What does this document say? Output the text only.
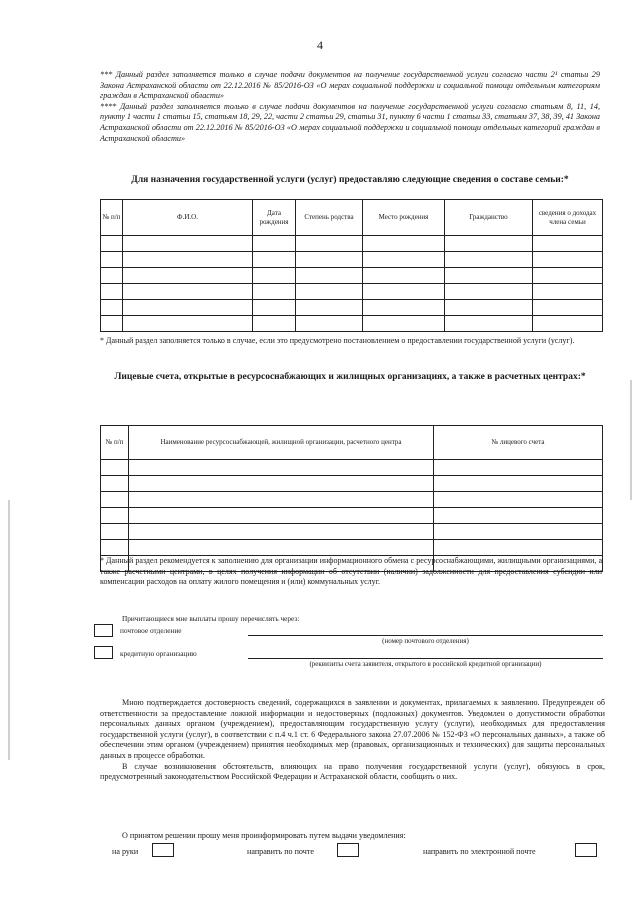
4

*** Данный раздел заполняется только в случае подачи документов на получение государственной услуги согласно части 2¹ статьи 29 Закона Астраханской области от 22.12.2016 № 85/2016-ОЗ «О мерах социальной поддержки и социальной помощи отдельным категориям граждан в Астраханской области»

**** Данный раздел заполняется только в случае подачи документов на получение государственной услуги согласно статьям 8, 11, 14, пункту 1 части 1 статьи 15, статьям 18, 29, 22, части 2 статьи 29, статьи 31, пункту 6 части 1 статьи 33, статьям 37, 38, 39, 41 Закона Астраханской области от 22.12.2016 № 85/2016-ОЗ «О мерах социальной поддержки и социальной помощи отдельных категорий граждан в Астраханской области»

Для назначения государственной услуги (услуг) предоставляю следующие сведения о составе семьи:*
№ п/п	Ф.И.О.	Дата рождения	Степень родства	Место рождения	Гражданство	сведения о доходах члена семьи

* Данный раздел заполняется только в случае, если это предусмотрено постановлением о предоставлении государственной услуги (услуг).
Лицевые счета, открытые в ресурсоснабжающих и жилищных организациях, а также в расчетных центрах:*
№ п/п	Наименование ресурсоснабжающей, жилищной организации, расчетного центра	№ лицевого счета

* Данный раздел рекомендуется к заполнению для организации информационного обмена с ресурсоснабжающими, жилищными организациями, а также расчетными центрами, в целях получения информации об отсутствии (наличии) задолженности для предоставления субсидии или компенсации расходов на оплату жилого помещения и (или) коммунальных услуг.
Причитающиеся мне выплаты прошу перечислять через:
почтовое отделение
(номер почтового отделения)
кредитную организацию
(реквизиты счета заявителя, открытого в российской кредитной организации)

Мною подтверждается достоверность сведений, содержащихся в заявлении и документах, прилагаемых к заявлению. Предупрежден об ответственности за предоставление ложной информации и недостоверных (подложных) документов. Уведомлен о допустимости обработки персональных данных органом (учреждением), предоставляющим государственную услугу (услуги), необходимых для предоставления государственной услуги (услуг), в соответствии с п.4 ч.1 ст. 6 Федерального закона 27.07.2006 № 152-ФЗ «О персональных данных», а также об обеспечении этим органом (учреждением) принятия необходимых мер (правовых, организационных и технических) для защиты персональных данных в процессе обработки.

В случае возникновения обстоятельств, влияющих на право получения государственной услуги (услуг), обязуюсь в срок, предусмотренный законодательством Российской Федерации и Астраханской области, сообщить о них.

О принятом решении прошу меня проинформировать путем выдачи уведомления:
на руки	направить по почте	направить по электронной почте
